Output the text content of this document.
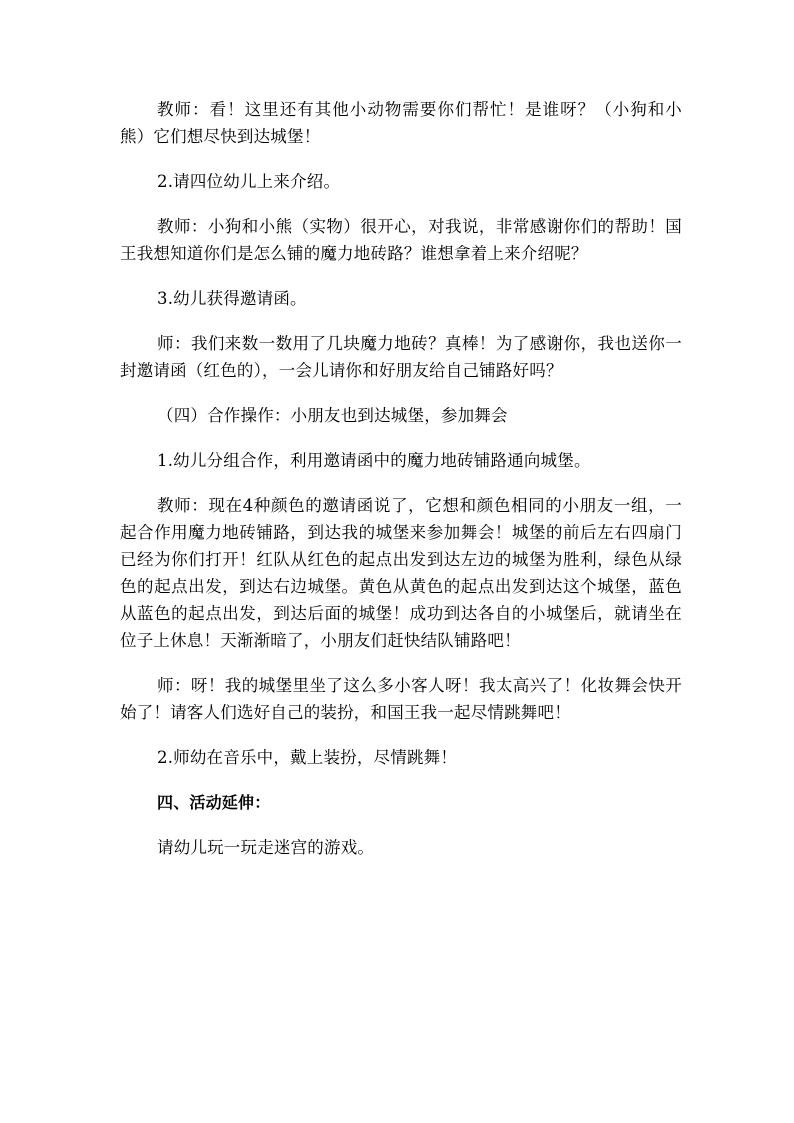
教师：看！这里还有其他小动物需要你们帮忙！是谁呀？（小狗和小熊）它们想尽快到达城堡！

2.请四位幼儿上来介绍。

教师：小狗和小熊（实物）很开心，对我说，非常感谢你们的帮助！国王我想知道你们是怎么铺的魔力地砖路？谁想拿着上来介绍呢？

3.幼儿获得邀请函。

师：我们来数一数用了几块魔力地砖？真棒！为了感谢你，我也送你一封邀请函（红色的），一会儿请你和好朋友给自己铺路好吗？

（四）合作操作：小朋友也到达城堡，参加舞会

1.幼儿分组合作，利用邀请函中的魔力地砖铺路通向城堡。

教师：现在4种颜色的邀请函说了，它想和颜色相同的小朋友一组，一起合作用魔力地砖铺路，到达我的城堡来参加舞会！城堡的前后左右四扇门已经为你们打开！红队从红色的起点出发到达左边的城堡为胜利，绿色从绿色的起点出发，到达右边城堡。黄色从黄色的起点出发到达这个城堡，蓝色从蓝色的起点出发，到达后面的城堡！成功到达各自的小城堡后，就请坐在位子上休息！天渐渐暗了，小朋友们赶快结队铺路吧！

师：呀！我的城堡里坐了这么多小客人呀！我太高兴了！化妆舞会快开始了！请客人们选好自己的装扮，和国王我一起尽情跳舞吧！

2.师幼在音乐中，戴上装扮，尽情跳舞！

四、活动延伸：

请幼儿玩一玩走迷宫的游戏。
